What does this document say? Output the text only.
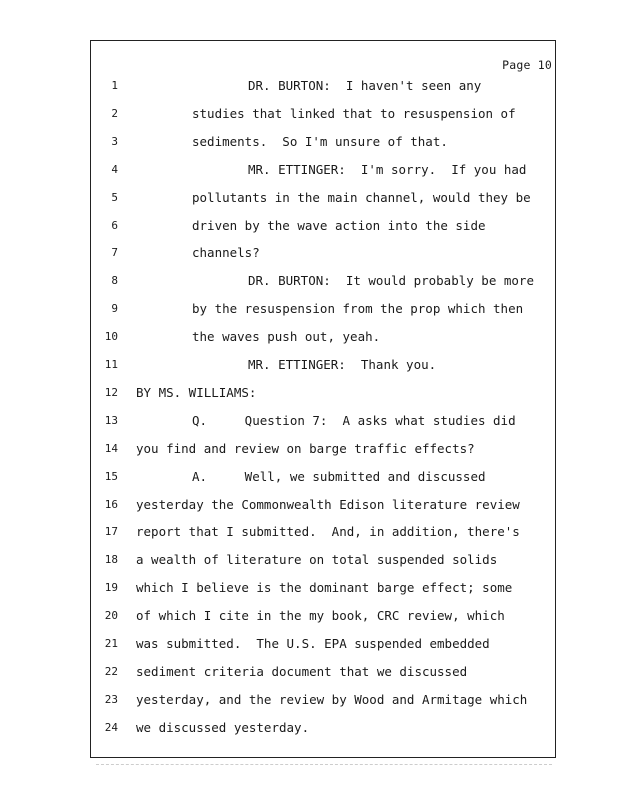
Page 10
1	DR. BURTON:  I haven't seen any
2	studies that linked that to resuspension of
3	sediments.  So I'm unsure of that.
4	MR. ETTINGER:  I'm sorry.  If you had
5	pollutants in the main channel, would they be
6	driven by the wave action into the side
7	channels?
8	DR. BURTON:  It would probably be more
9	by the resuspension from the prop which then
10	the waves push out, yeah.
11	MR. ETTINGER:  Thank you.
12 BY MS. WILLIAMS:
13	Q.     Question 7:  A asks what studies did
14 you find and review on barge traffic effects?
15	A.     Well, we submitted and discussed
16 yesterday the Commonwealth Edison literature review
17 report that I submitted.  And, in addition, there's
18 a wealth of literature on total suspended solids
19 which I believe is the dominant barge effect; some
20 of which I cite in the my book, CRC review, which
21 was submitted.  The U.S. EPA suspended embedded
22 sediment criteria document that we discussed
23 yesterday, and the review by Wood and Armitage which
24 we discussed yesterday.
